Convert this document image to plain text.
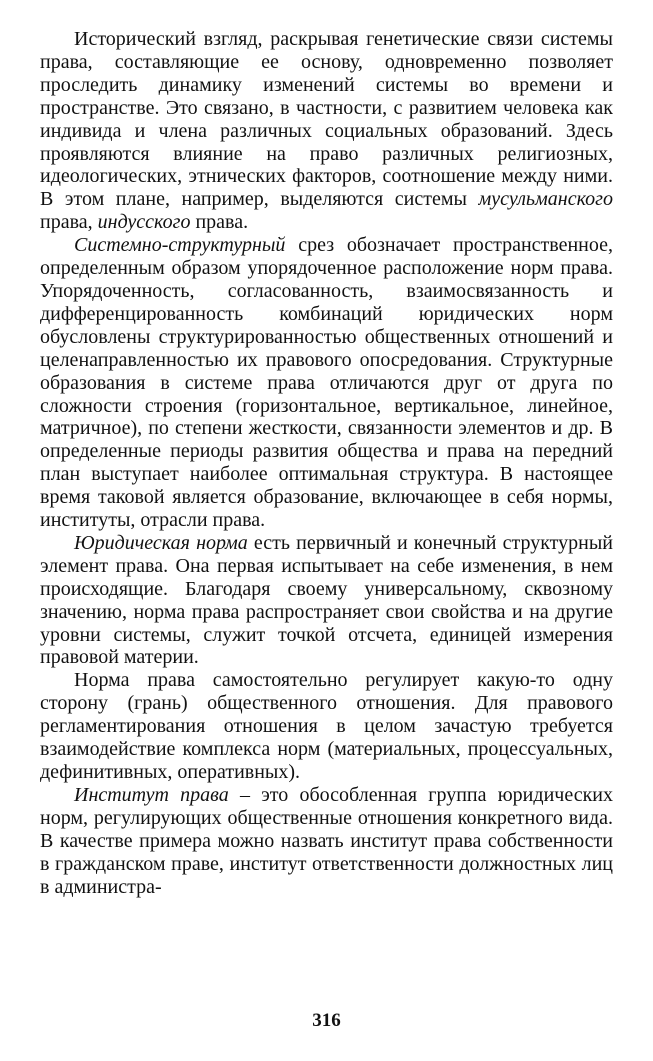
Исторический взгляд, раскрывая генетические связи системы права, составляющие ее основу, одновременно позволяет проследить динамику изменений системы во времени и пространстве. Это связано, в частности, с развитием человека как индивида и члена различных социальных образований. Здесь проявляются влияние на право различных религиозных, идеологических, этнических факторов, соотношение между ними. В этом плане, например, выделяются системы мусульманского права, индусского права.

Системно-структурный срез обозначает пространственное, определенным образом упорядоченное расположение норм права. Упорядоченность, согласованность, взаимосвязанность и дифференцированность комбинаций юридических норм обусловлены структурированностью общественных отношений и целенаправленностью их правового опосредования. Структурные образования в системе права отличаются друг от друга по сложности строения (горизонтальное, вертикальное, линейное, матричное), по степени жесткости, связанности элементов и др. В определенные периоды развития общества и права на передний план выступает наиболее оптимальная структура. В настоящее время таковой является образование, включающее в себя нормы, институты, отрасли права.

Юридическая норма есть первичный и конечный структурный элемент права. Она первая испытывает на себе изменения, в нем происходящие. Благодаря своему универсальному, сквозному значению, норма права распространяет свои свойства и на другие уровни системы, служит точкой отсчета, единицей измерения правовой материи.

Норма права самостоятельно регулирует какую-то одну сторону (грань) общественного отношения. Для правового регламентирования отношения в целом зачастую требуется взаимодействие комплекса норм (материальных, процессуальных, дефинитивных, оперативных).

Институт права – это обособленная группа юридических норм, регулирующих общественные отношения конкретного вида. В качестве примера можно назвать институт права собственности в гражданском праве, институт ответственности должностных лиц в администра-

316
